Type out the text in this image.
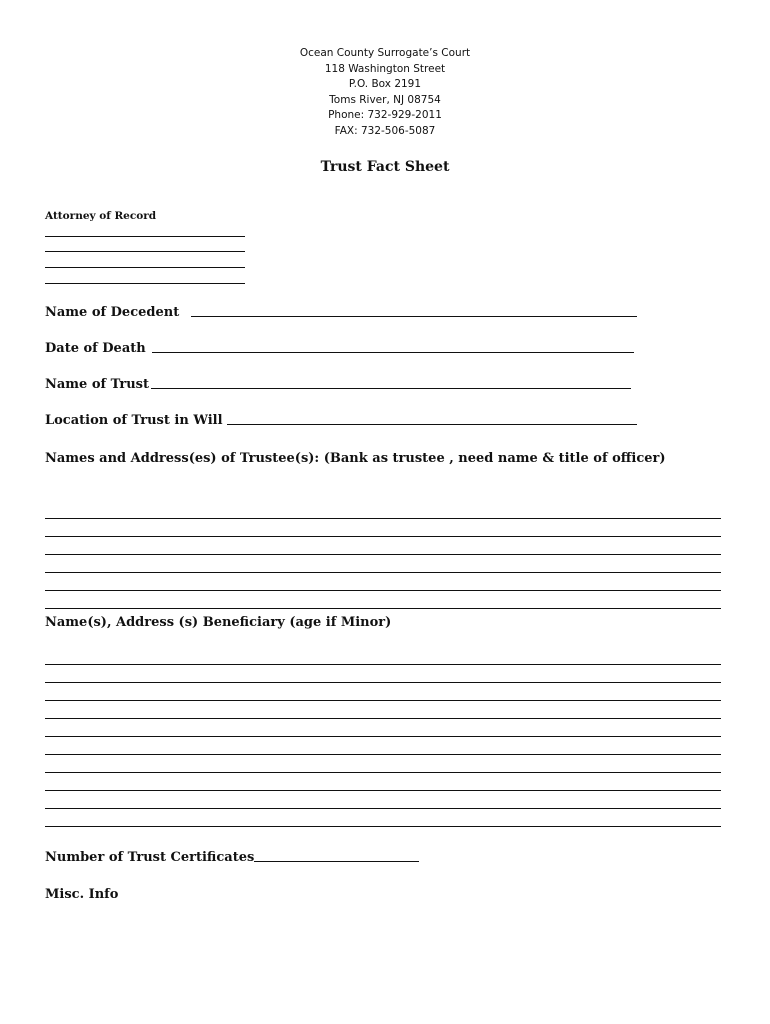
Ocean County Surrogate’s Court
118 Washington Street
P.O. Box 2191
Toms River, NJ 08754
Phone: 732-929-2011
FAX: 732-506-5087
Trust Fact Sheet
Attorney of Record
Name of Decedent
Date of Death
Name of Trust
Location of Trust in Will
Names and Address(es) of Trustee(s): (Bank as trustee , need name & title of officer)
Name(s), Address (s) Beneficiary (age if Minor)
Number of Trust Certificates
Misc. Info
